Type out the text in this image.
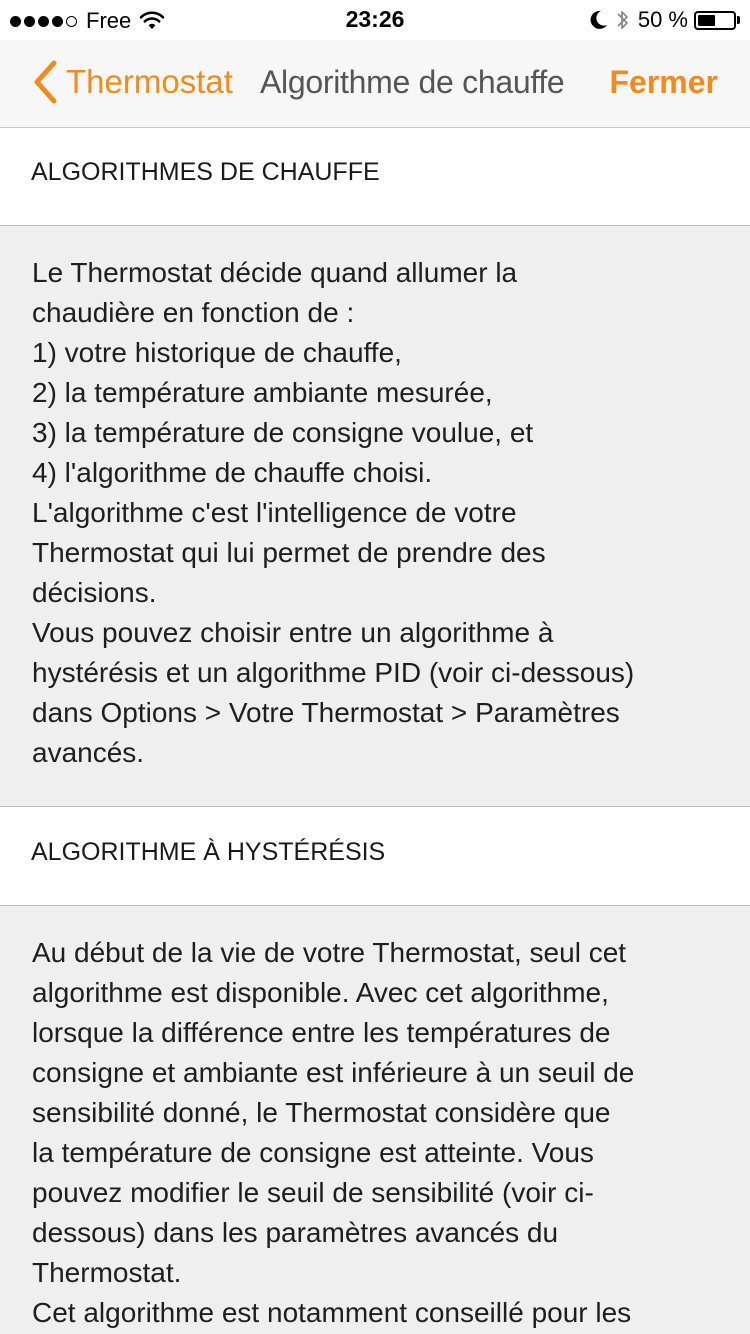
Free	23:26	50 %
Thermostat Algorithme de chauffe Fermer
ALGORITHMES DE CHAUFFE
Le Thermostat décide quand allumer la
chaudière en fonction de :
1) votre historique de chauffe,
2) la température ambiante mesurée,
3) la température de consigne voulue, et
4) l'algorithme de chauffe choisi.
L'algorithme c'est l'intelligence de votre
Thermostat qui lui permet de prendre des
décisions.
Vous pouvez choisir entre un algorithme à
hystérésis et un algorithme PID (voir ci-dessous)
dans Options > Votre Thermostat > Paramètres
avancés.
ALGORITHME À HYSTÉRÉSIS
Au début de la vie de votre Thermostat, seul cet
algorithme est disponible. Avec cet algorithme,
lorsque la différence entre les températures de
consigne et ambiante est inférieure à un seuil de
sensibilité donné, le Thermostat considère que
la température de consigne est atteinte. Vous
pouvez modifier le seuil de sensibilité (voir ci-
dessous) dans les paramètres avancés du
Thermostat.
Cet algorithme est notamment conseillé pour les
